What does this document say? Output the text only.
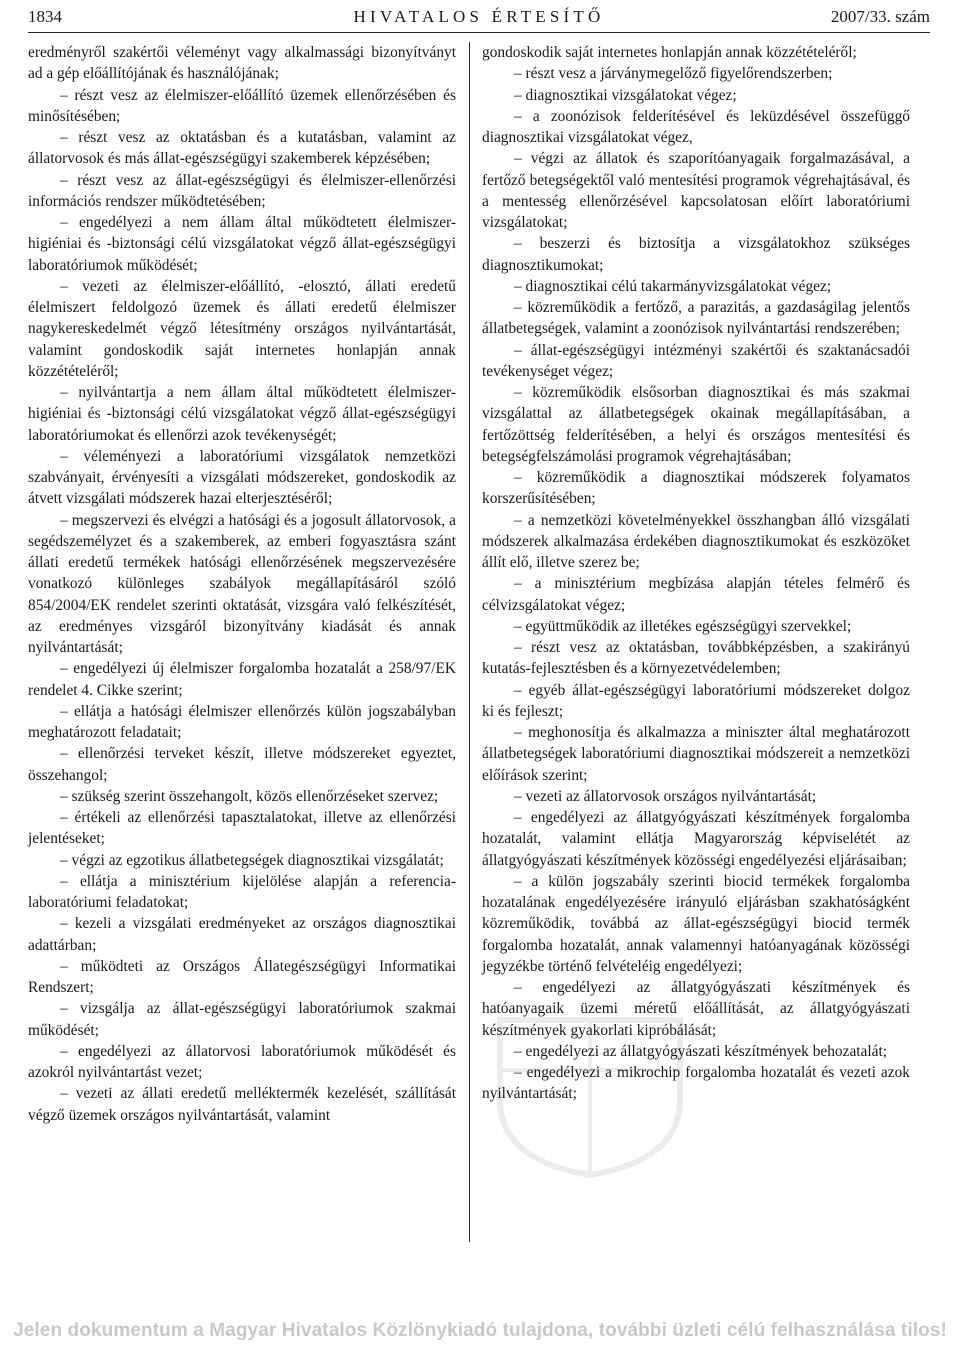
1834	HIVATALOS ÉRTESÍTŐ	2007/33. szám

eredményről szakértői véleményt vagy alkalmassági bizonyítványt ad a gép előállítójának és használójának;

– részt vesz az élelmiszer-előállító üzemek ellenőrzésében és minősítésében;

– részt vesz az oktatásban és a kutatásban, valamint az állatorvosok és más állat-egészségügyi szakemberek képzésében;

– részt vesz az állat-egészségügyi és élelmiszer-ellenőrzési információs rendszer működtetésében;

– engedélyezi a nem állam által működtetett élelmiszer-higiéniai és -biztonsági célú vizsgálatokat végző állat-egészségügyi laboratóriumok működését;

– vezeti az élelmiszer-előállító, -elosztó, állati eredetű élelmiszert feldolgozó üzemek és állati eredetű élelmiszer nagykereskedelmét végző létesítmény országos nyilvántartását, valamint gondoskodik saját internetes honlapján annak közzétételéről;

– nyilvántartja a nem állam által működtetett élelmiszer-higiéniai és -biztonsági célú vizsgálatokat végző állat-egészségügyi laboratóriumokat és ellenőrzi azok tevékenységét;

– véleményezi a laboratóriumi vizsgálatok nemzetközi szabványait, érvényesíti a vizsgálati módszereket, gondoskodik az átvett vizsgálati módszerek hazai elterjesztéséről;

– megszervezi és elvégzi a hatósági és a jogosult állatorvosok, a segédszemélyzet és a szakemberek, az emberi fogyasztásra szánt állati eredetű termékek hatósági ellenőrzésének megszervezésére vonatkozó különleges szabályok megállapításáról szóló 854/2004/EK rendelet szerinti oktatását, vizsgára való felkészítését, az eredményes vizsgáról bizonyítvány kiadását és annak nyilvántartását;

– engedélyezi új élelmiszer forgalomba hozatalát a 258/97/EK rendelet 4. Cikke szerint;

– ellátja a hatósági élelmiszer ellenőrzés külön jogszabályban meghatározott feladatait;

– ellenőrzési terveket készít, illetve módszereket egyeztet, összehangol;

– szükség szerint összehangolt, közös ellenőrzéseket szervez;

– értékeli az ellenőrzési tapasztalatokat, illetve az ellenőrzési jelentéseket;

– végzi az egzotikus állatbetegségek diagnosztikai vizsgálatát;

– ellátja a minisztérium kijelölése alapján a referencia-laboratóriumi feladatokat;

– kezeli a vizsgálati eredményeket az országos diagnosztikai adattárban;

– működteti az Országos Állategészségügyi Informatikai Rendszert;

– vizsgálja az állat-egészségügyi laboratóriumok szakmai működését;

– engedélyezi az állatorvosi laboratóriumok működését és azokról nyilvántartást vezet;

– vezeti az állati eredetű melléktermék kezelését, szállítását végző üzemek országos nyilvántartását, valamint

gondoskodik saját internetes honlapján annak közzétételéről;

– részt vesz a járványmegelőző figyelőrendszerben;

– diagnosztikai vizsgálatokat végez;

– a zoonózisok felderítésével és leküzdésével összefüggő diagnosztikai vizsgálatokat végez,

– végzi az állatok és szaporítóanyagaik forgalmazásával, a fertőző betegségektől való mentesítési programok végrehajtásával, és a mentesség ellenőrzésével kapcsolatosan előírt laboratóriumi vizsgálatokat;

– beszerzi és biztosítja a vizsgálatokhoz szükséges diagnosztikumokat;

– diagnosztikai célú takarmányvizsgálatokat végez;

– közreműködik a fertőző, a parazitás, a gazdaságilag jelentős állatbetegségek, valamint a zoonózisok nyilvántartási rendszerében;

– állat-egészségügyi intézményi szakértői és szaktanácsadói tevékenységet végez;

– közreműködik elsősorban diagnosztikai és más szakmai vizsgálattal az állatbetegségek okainak megállapításában, a fertőzöttség felderítésében, a helyi és országos mentesítési és betegségfelszámolási programok végrehajtásában;

– közreműködik a diagnosztikai módszerek folyamatos korszerűsítésében;

– a nemzetközi követelményekkel összhangban álló vizsgálati módszerek alkalmazása érdekében diagnosztikumokat és eszközöket állít elő, illetve szerez be;

– a minisztérium megbízása alapján tételes felmérő és célvizsgálatokat végez;

– együttműködik az illetékes egészségügyi szervekkel;

– részt vesz az oktatásban, továbbképzésben, a szakirányú kutatás-fejlesztésben és a környezetvédelemben;

– egyéb állat-egészségügyi laboratóriumi módszereket dolgoz ki és fejleszt;

– meghonosítja és alkalmazza a miniszter által meghatározott állatbetegségek laboratóriumi diagnosztikai módszereit a nemzetközi előírások szerint;

– vezeti az állatorvosok országos nyilvántartását;

– engedélyezi az állatgyógyászati készítmények forgalomba hozatalát, valamint ellátja Magyarország képviselétét az állatgyógyászati készítmények közösségi engedélyezési eljárásaiban;

– a külön jogszabály szerinti biocid termékek forgalomba hozatalának engedélyezésére irányuló eljárásban szakhatóságként közreműködik, továbbá az állat-egészségügyi biocid termék forgalomba hozatalát, annak valamennyi hatóanyagának közösségi jegyzékbe történő felvételéig engedélyezi;

– engedélyezi az állatgyógyászati készítmények és hatóanyagaik üzemi méretű előállítását, az állatgyógyászati készítmények gyakorlati kipróbálását;

– engedélyezi az állatgyógyászati készítmények behozatalát;

– engedélyezi a mikrochip forgalomba hozatalát és vezeti azok nyilvántartását;

Jelen dokumentum a Magyar Hivatalos Közlönykiadó tulajdona, további üzleti célú felhasználása tilos!
